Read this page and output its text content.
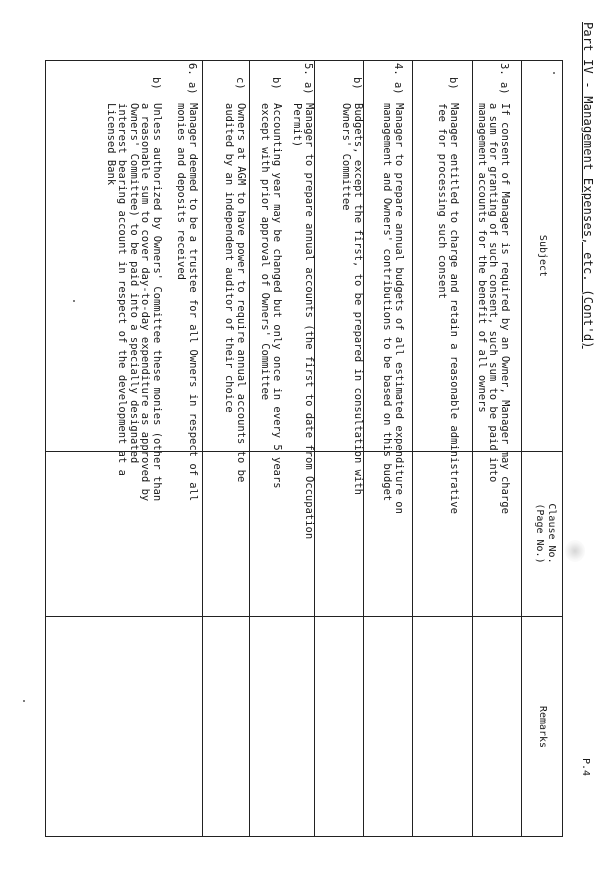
Part IV - Management Expenses, etc. (Cont'd)
P.4
Subject
Clause No.
(Page No.)
Remarks
3. a)
If consent of Manager is required by an Owner, Manager may charge
a sum for granting of such consent, such sum to be paid into
management accounts for the benefit of all owners
b)
Manager entitled to charge and retain a reasonable administrative
fee for processing such consent
4. a)
Manager to prepare annual budgets of all estimated expenditure on
management and Owners' contributions to be based on this budget
b)
Budgets, except the first, to be prepared in consultation with
Owners' Committee
5. a)
Manager to prepare annual accounts (the first to date from Occupation
Permit)
b)
Accounting year may be changed but only once in every 5 years
except with prior approval of Owners' Committee
c)
Owners at AGM to have power to require annual accounts to be
audited by an independent auditor of their choice
6. a)
Manager deemed to be a trustee for all Owners in respect of all
monies and deposits received
b)
Unless authorized by Owners' Committee these monies (other than
a reasonable sum to cover day-to-day expenditure as approved by
Owners' Committee) to be paid into a specially designated
interest bearing account in respect of the development at a
Licensed Bank
